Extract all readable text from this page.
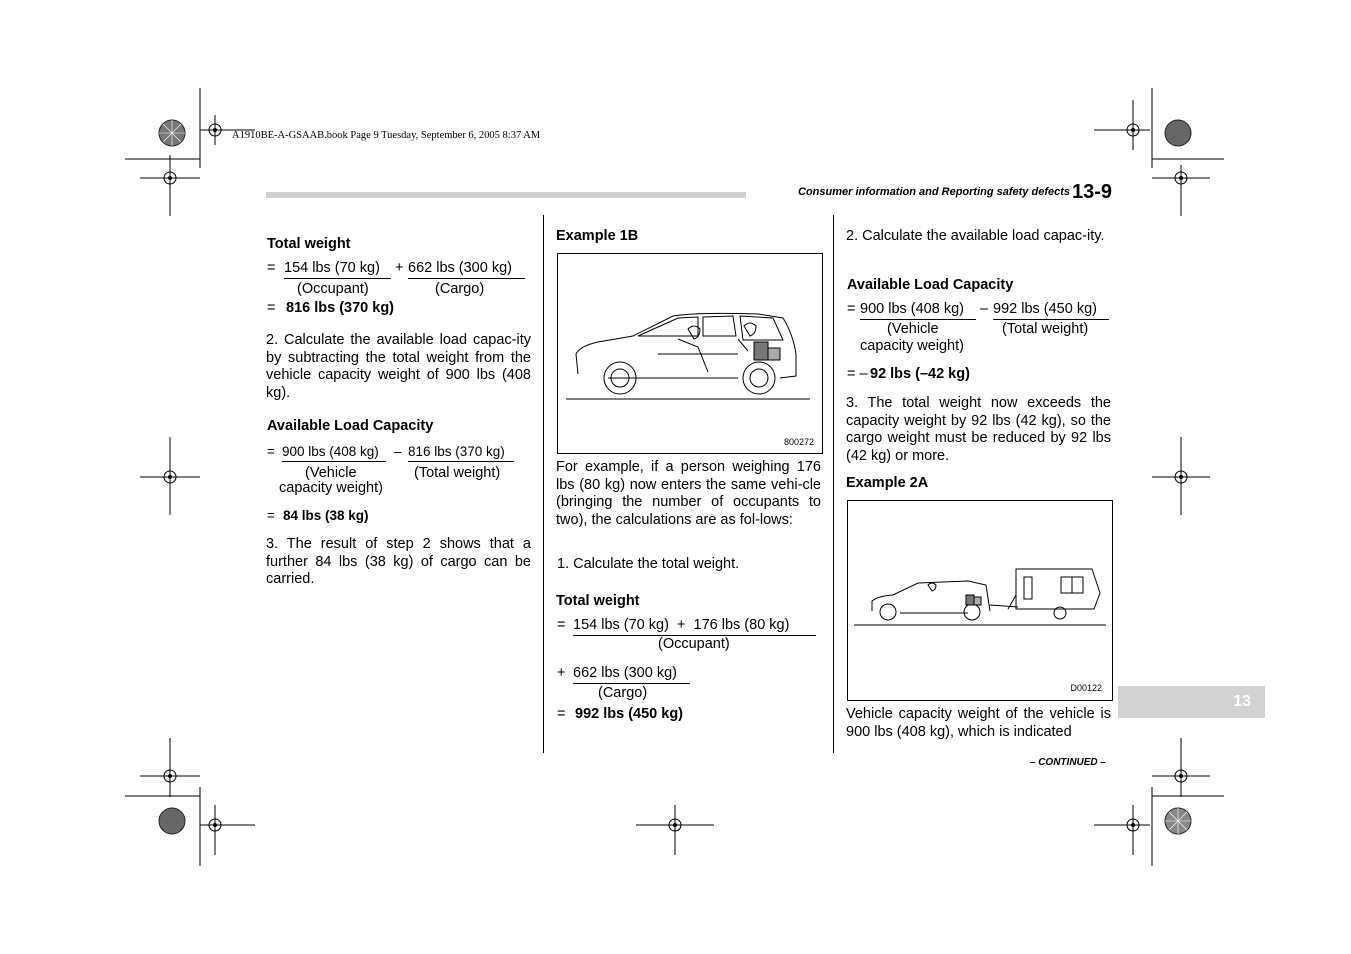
A1910BE-A-GSAAB.book Page 9 Tuesday, September 6, 2005 8:37 AM
Consumer information and Reporting safety defects 13-9
Total weight
= 154 lbs (70 kg)	+ 662 lbs (300 kg)
(Occupant)	(Cargo)
= 816 lbs (370 kg)
2. Calculate the available load capac-ity by subtracting the total weight from the vehicle capacity weight of 900 lbs (408 kg).
Available Load Capacity
= 900 lbs (408 kg)	– 816 lbs (370 kg)
(Vehicle
capacity weight)
(Total weight)
= 84 lbs (38 kg)
3. The result of step 2 shows that a further 84 lbs (38 kg) of cargo can be carried.
Example 1B
800272
For example, if a person weighing 176 lbs (80 kg) now enters the same vehi-cle (bringing the number of occupants to two), the calculations are as fol-lows:
1. Calculate the total weight.
Total weight
= 154 lbs (70 kg) + 176 lbs (80 kg)
(Occupant)
+ 662 lbs (300 kg)
(Cargo)
= 992 lbs (450 kg)
2. Calculate the available load capac-ity.
Available Load Capacity
= 900 lbs (408 kg)	– 992 lbs (450 kg)
(Vehicle
capacity weight)
(Total weight)
= – 92 lbs (–42 kg)
3. The total weight now exceeds the capacity weight by 92 lbs (42 kg), so the cargo weight must be reduced by 92 lbs (42 kg) or more.
Example 2A
D00122
Vehicle capacity weight of the vehicle is 900 lbs (408 kg), which is indicated
13
– CONTINUED –
